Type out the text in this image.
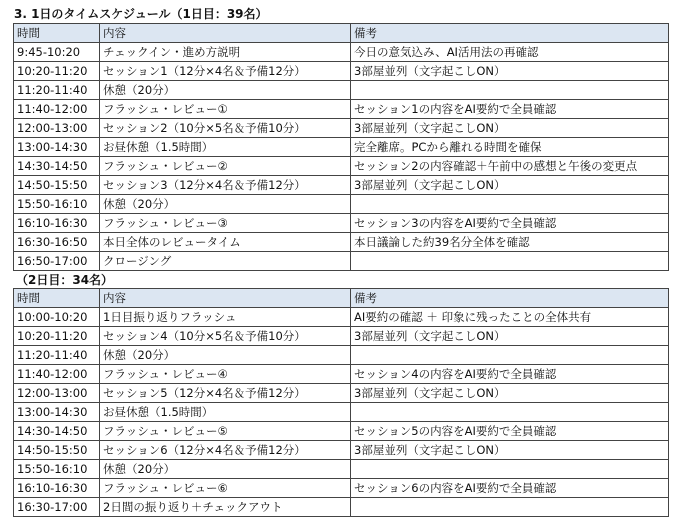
3. 1日のタイムスケジュール（1日目：39名）
時間	内容	備考
9:45-10:20	チェックイン・進め方説明	今日の意気込み、AI活用法の再確認
10:20-11:20	セッション1（12分×4名＆予備12分）	3部屋並列（文字起こしON）
11:20-11:40	休憩（20分）	
11:40-12:00	フラッシュ・レビュー①	セッション1の内容をAI要約で全員確認
12:00-13:00	セッション2（10分×5名＆予備10分）	3部屋並列（文字起こしON）
13:00-14:30	お昼休憩（1.5時間）	完全離席。PCから離れる時間を確保
14:30-14:50	フラッシュ・レビュー②	セッション2の内容確認＋午前中の感想と午後の変更点
14:50-15:50	セッション3（12分×4名＆予備12分）	3部屋並列（文字起こしON）
15:50-16:10	休憩（20分）	
16:10-16:30	フラッシュ・レビュー③	セッション3の内容をAI要約で全員確認
16:30-16:50	本日全体のレビュータイム	本日議論した約39名分全体を確認
16:50-17:00	クロージング	
（2日目：34名）
時間	内容	備考
10:00-10:20	1日目振り返りフラッシュ	AI要約の確認 ＋ 印象に残ったことの全体共有
10:20-11:20	セッション4（10分×5名＆予備10分）	3部屋並列（文字起こしON）
11:20-11:40	休憩（20分）	
11:40-12:00	フラッシュ・レビュー④	セッション4の内容をAI要約で全員確認
12:00-13:00	セッション5（12分×4名＆予備12分）	3部屋並列（文字起こしON）
13:00-14:30	お昼休憩（1.5時間）	
14:30-14:50	フラッシュ・レビュー⑤	セッション5の内容をAI要約で全員確認
14:50-15:50	セッション6（12分×4名＆予備12分）	3部屋並列（文字起こしON）
15:50-16:10	休憩（20分）	
16:10-16:30	フラッシュ・レビュー⑥	セッション6の内容をAI要約で全員確認
16:30-17:00	2日間の振り返り＋チェックアウト	
